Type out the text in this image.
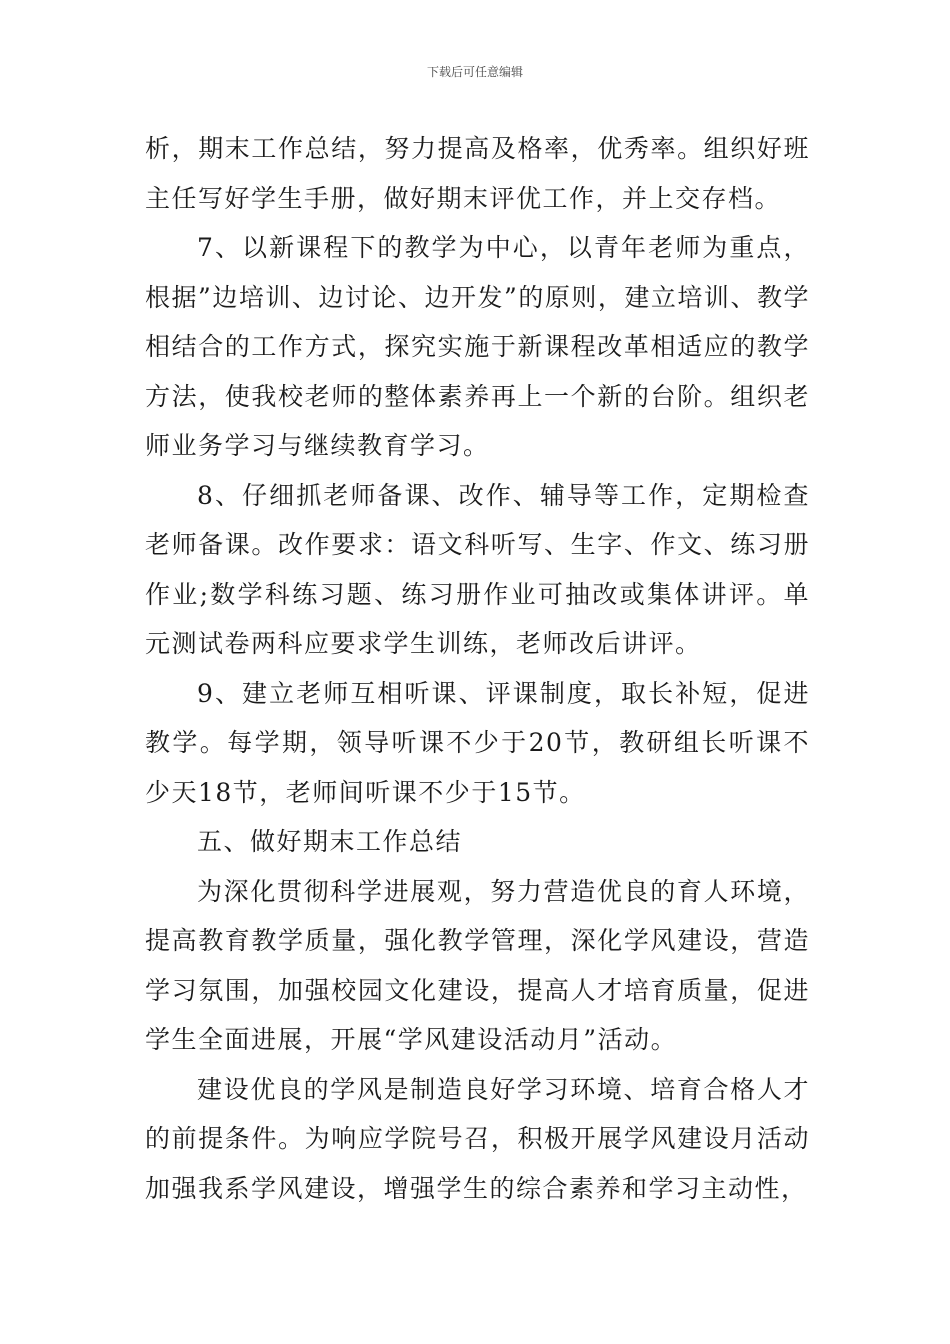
下载后可任意编辑

析，期末工作总结，努力提高及格率，优秀率。组织好班主任写好学生手册，做好期末评优工作，并上交存档。

7、以新课程下的教学为中心，以青年老师为重点，根据”边培训、边讨论、边开发”的原则，建立培训、教学相结合的工作方式，探究实施于新课程改革相适应的教学方法，使我校老师的整体素养再上一个新的台阶。组织老师业务学习与继续教育学习。

8、仔细抓老师备课、改作、辅导等工作，定期检查老师备课。改作要求：语文科听写、生字、作文、练习册作业;数学科练习题、练习册作业可抽改或集体讲评。单元测试卷两科应要求学生训练，老师改后讲评。

9、建立老师互相听课、评课制度，取长补短，促进教学。每学期，领导听课不少于20节，教研组长听课不少天18节，老师间听课不少于15节。

五、做好期末工作总结

为深化贯彻科学进展观，努力营造优良的育人环境，提高教育教学质量，强化教学管理，深化学风建设，营造学习氛围，加强校园文化建设，提高人才培育质量，促进学生全面进展，开展“学风建设活动月”活动。

建设优良的学风是制造良好学习环境、培育合格人才的前提条件。为响应学院号召，积极开展学风建设月活动加强我系学风建设，增强学生的综合素养和学习主动性，
